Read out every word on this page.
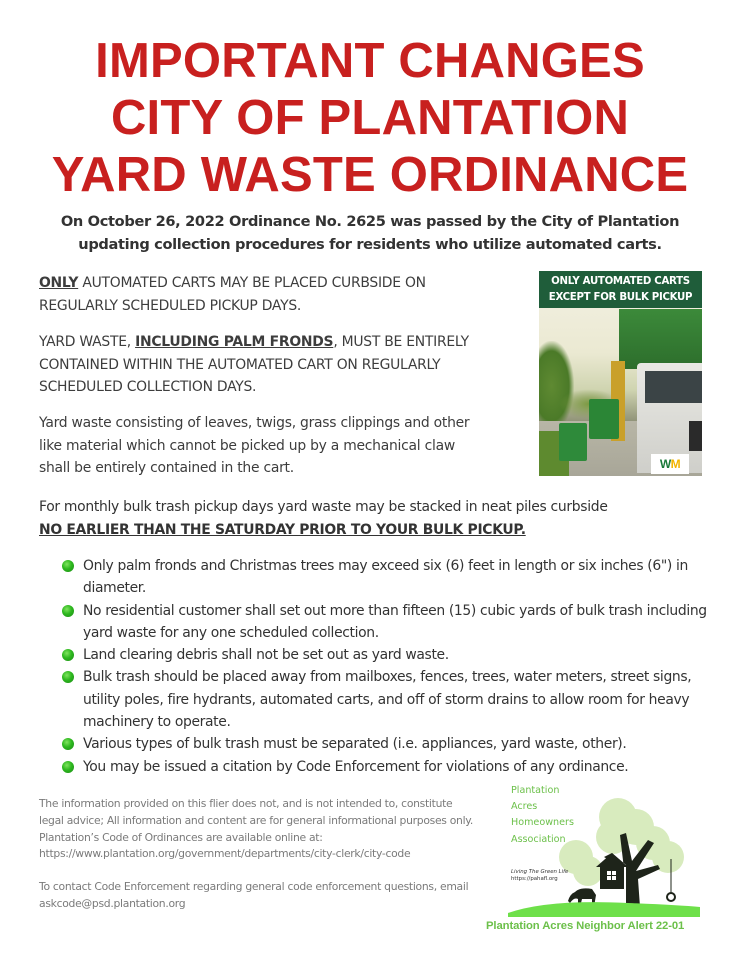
IMPORTANT CHANGES
CITY OF PLANTATION
YARD WASTE ORDINANCE
On October 26, 2022 Ordinance No. 2625 was passed by the City of Plantation
updating collection procedures for residents who utilize automated carts.
ONLY AUTOMATED CARTS MAY BE PLACED CURBSIDE ON
REGULARLY SCHEDULED PICKUP DAYS.
YARD WASTE, INCLUDING PALM FRONDS, MUST BE ENTIRELY
CONTAINED WITHIN THE AUTOMATED CART ON REGULARLY
SCHEDULED COLLECTION DAYS.
Yard waste consisting of leaves, twigs, grass clippings and other
like material which cannot be picked up by a mechanical claw
shall be entirely contained in the cart.
ONLY AUTOMATED CARTS
EXCEPT FOR BULK PICKUP
WM
For monthly bulk trash pickup days yard waste may be stacked in neat piles curbside
NO EARLIER THAN THE SATURDAY PRIOR TO YOUR BULK PICKUP.
Only palm fronds and Christmas trees may exceed six (6) feet in length or six inches (6") in diameter.
No residential customer shall set out more than fifteen (15) cubic yards of bulk trash including yard waste for any one scheduled collection.
Land clearing debris shall not be set out as yard waste.
Bulk trash should be placed away from mailboxes, fences, trees, water meters, street signs, utility poles, fire hydrants, automated carts, and off of storm drains to allow room for heavy machinery to operate.
Various types of bulk trash must be separated (i.e. appliances, yard waste, other).
You may be issued a citation by Code Enforcement for violations of any ordinance.
The information provided on this flier does not, and is not intended to, constitute
legal advice; All information and content are for general informational purposes only.
Plantation’s Code of Ordinances are available online at:
https://www.plantation.org/government/departments/city-clerk/city-code
To contact Code Enforcement regarding general code enforcement questions, email
askcode@psd.plantation.org
Plantation
Acres
Homeowners
Association
Living The Green Life
https://pahafl.org
Plantation Acres Neighbor Alert 22-01
